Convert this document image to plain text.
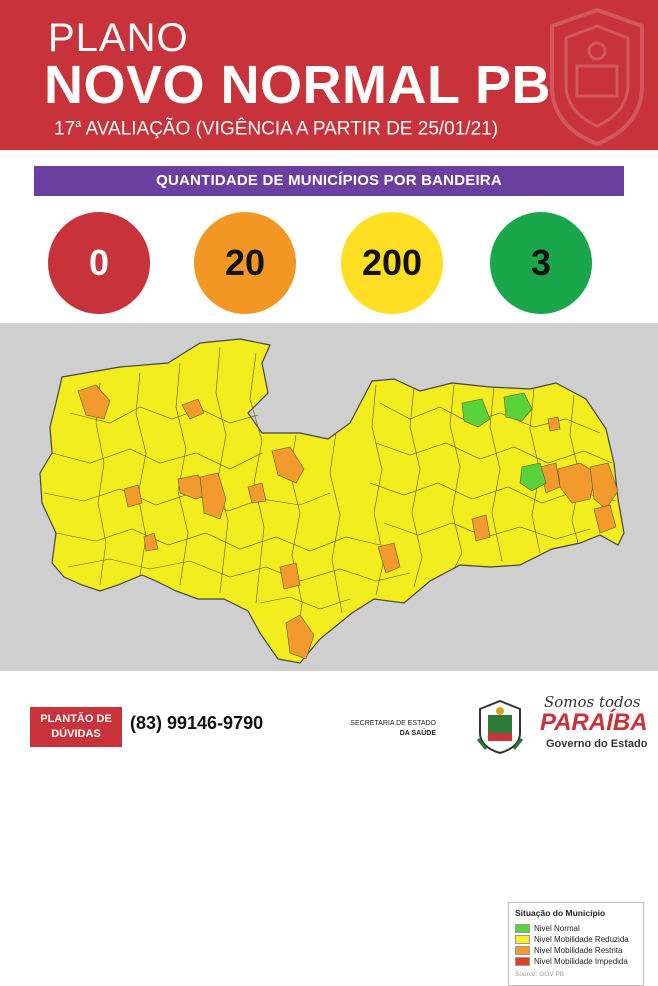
PLANO
NOVO NORMAL PB
17$^a$ AVALIAÇÃO (VIGÊNCIA A PARTIR DE 25/01/21)
QUANTIDADE DE MUNICÍPIOS POR BANDEIRA
0	20	200	3
Situação do Município
Nivel Normal
Nivel Mobilidade Reduzida
Nivel Mobilidade Restrita
Nivel Mobilidade Impedida
Source: GOV PB
PLANTÃO DE
DÚVIDAS
(83) 99146-9790	SECRETARIA DE ESTADO
DA SAÚDE
Somos todos
PARAÍBA
Governo do Estado
